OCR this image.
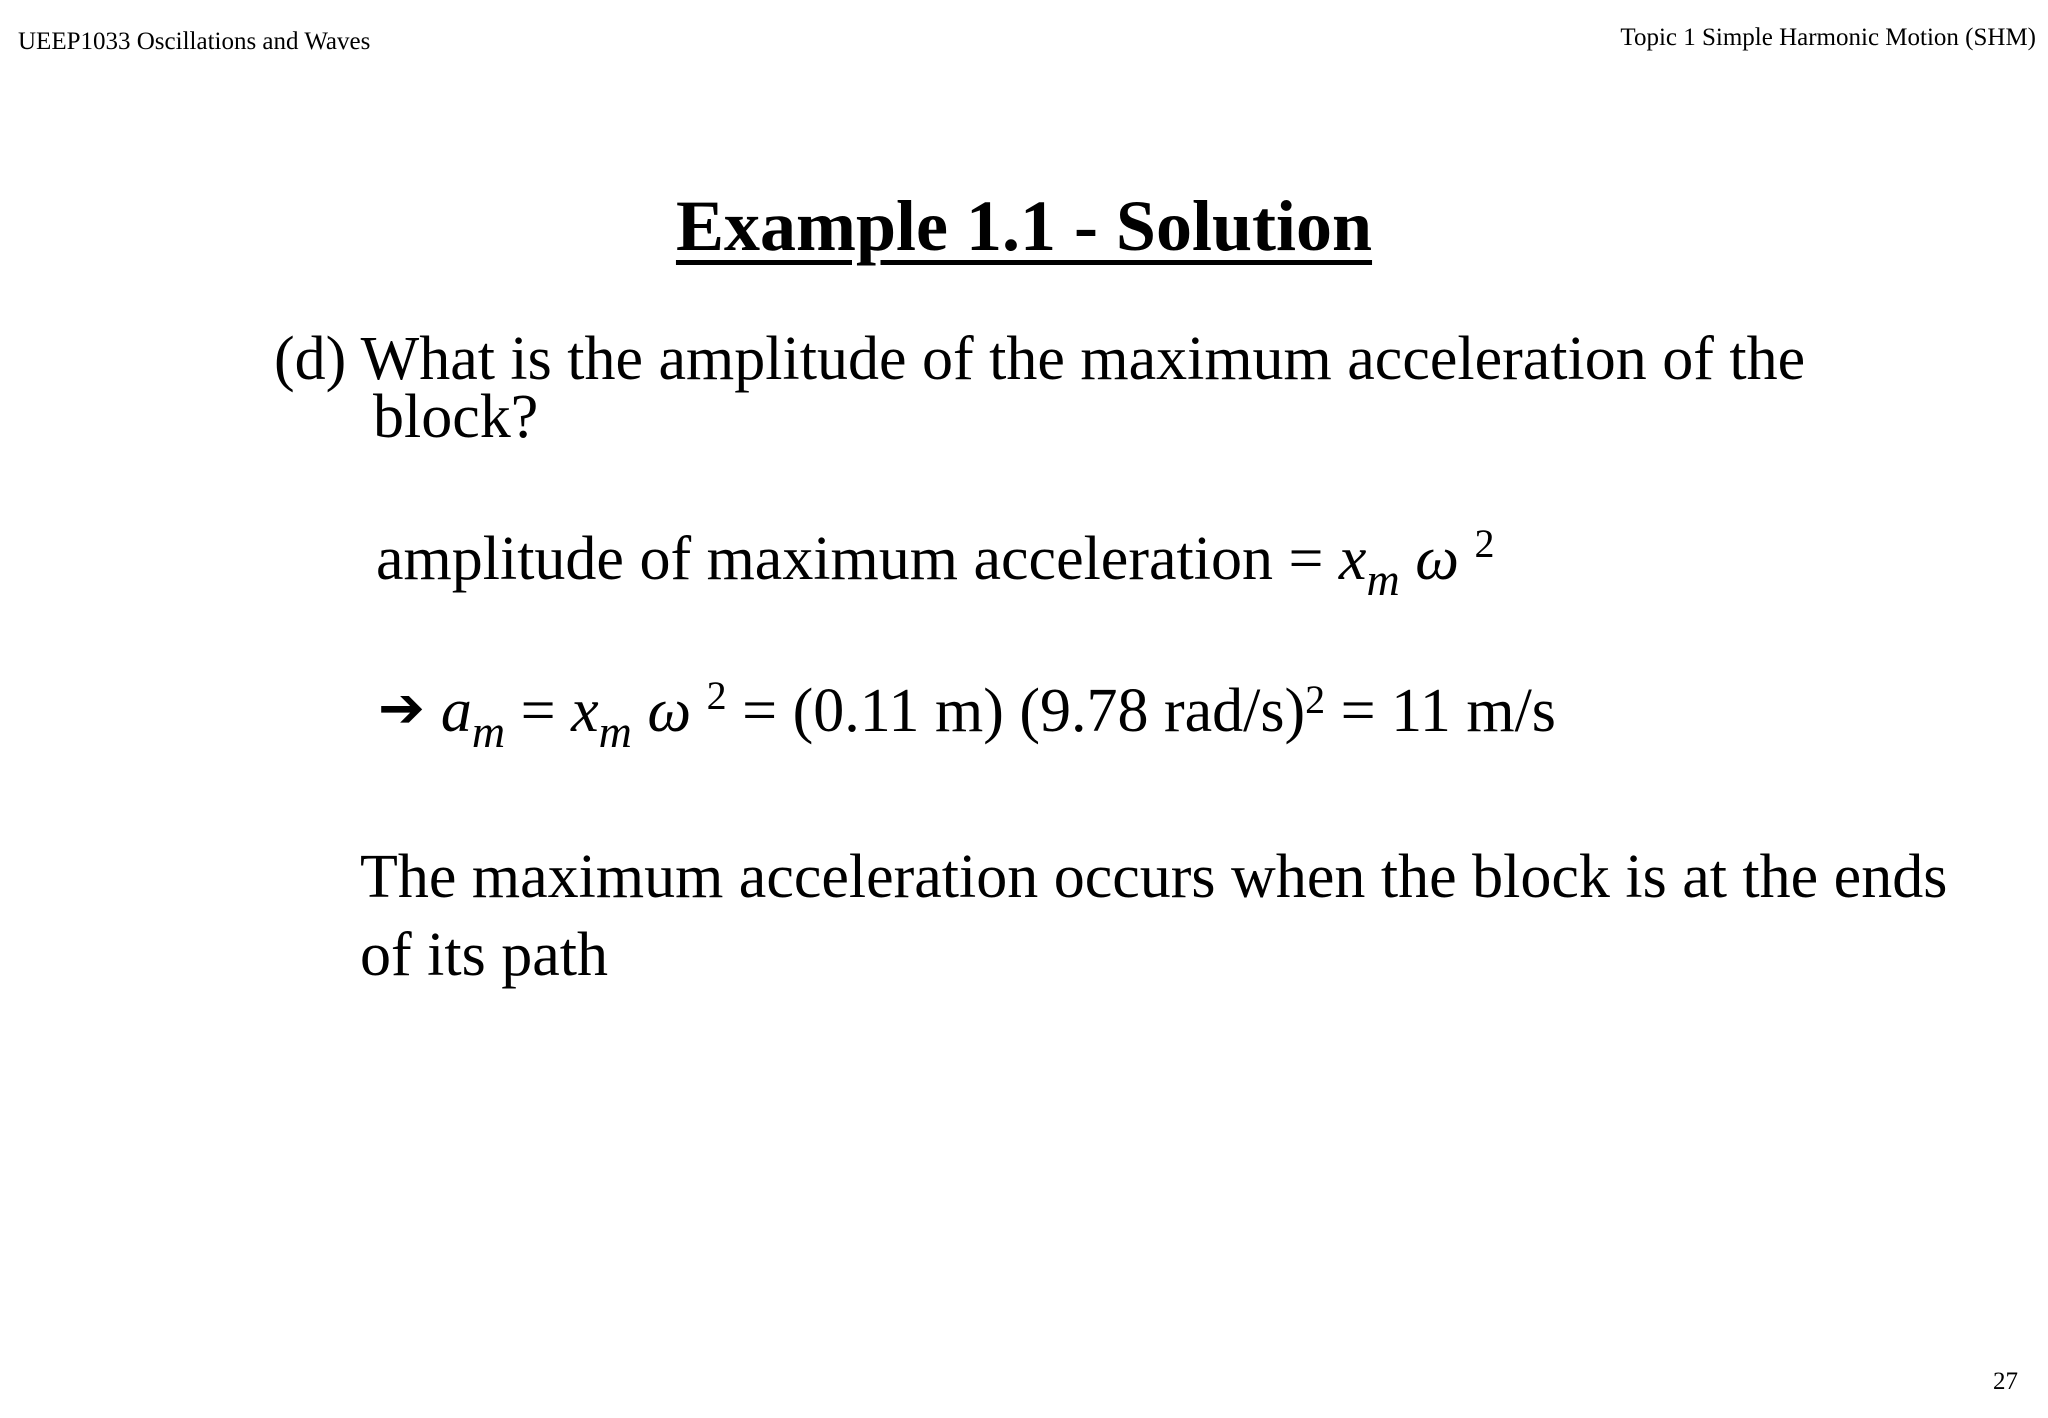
UEEP1033 Oscillations and Waves	Topic 1 Simple Harmonic Motion (SHM)
Example 1.1 - Solution
(d) What is the amplitude of the maximum acceleration of the
block?
amplitude of maximum acceleration = $x_m$ ω $^2$
➔ $a_m = x_m$ ω $^2$ = (0.11 m) (9.78 rad/s)$^2$ = 11 m/s
The maximum acceleration occurs when the block is at the ends of its path
27
